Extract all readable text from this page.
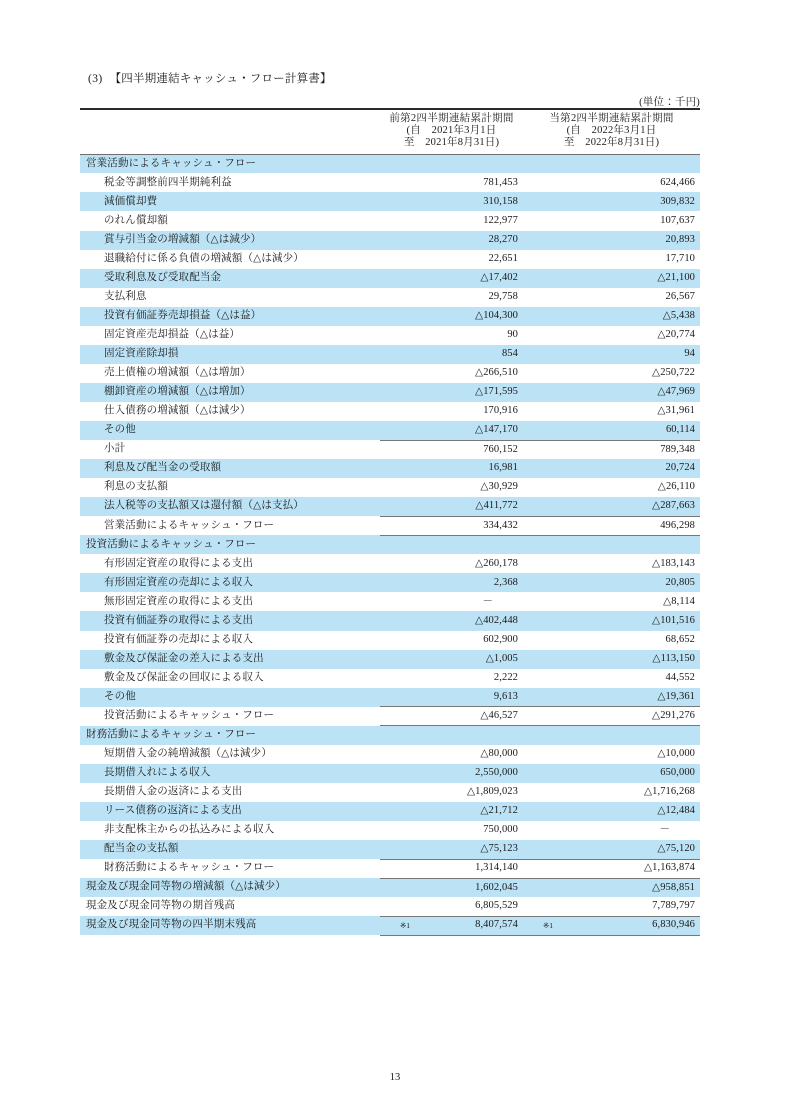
(3) 【四半期連結キャッシュ・フロー計算書】
(単位：千円)

	前第2四半期連結累計期間
(自　2021年3月1日
至　2021年8月31日)		当第2四半期連結累計期間
(自　2022年3月1日
至　2022年8月31日)	

営業活動によるキャッシュ・フロー				
税金等調整前四半期純利益		781,453		624,466
減価償却費		310,158		309,832
のれん償却額		122,977		107,637
賞与引当金の増減額（△は減少）		28,270		20,893
退職給付に係る負債の増減額（△は減少）		22,651		17,710
受取利息及び受取配当金		△17,402		△21,100
支払利息		29,758		26,567
投資有価証券売却損益（△は益）		△104,300		△5,438
固定資産売却損益（△は益）		90		△20,774
固定資産除却損		854		94
売上債権の増減額（△は増加）		△266,510		△250,722
棚卸資産の増減額（△は増加）		△171,595		△47,969
仕入債務の増減額（△は減少）		170,916		△31,961
その他		△147,170		60,114
小計		760,152		789,348
利息及び配当金の受取額		16,981		20,724
利息の支払額		△30,929		△26,110
法人税等の支払額又は還付額（△は支払）		△411,772		△287,663
営業活動によるキャッシュ・フロー		334,432		496,298
投資活動によるキャッシュ・フロー				
有形固定資産の取得による支出		△260,178		△183,143
有形固定資産の売却による収入		2,368		20,805
無形固定資産の取得による支出		－		△8,114
投資有価証券の取得による支出		△402,448		△101,516
投資有価証券の売却による収入		602,900		68,652
敷金及び保証金の差入による支出		△1,005		△113,150
敷金及び保証金の回収による収入		2,222		44,552
その他		9,613		△19,361
投資活動によるキャッシュ・フロー		△46,527		△291,276
財務活動によるキャッシュ・フロー				
短期借入金の純増減額（△は減少）		△80,000		△10,000
長期借入れによる収入		2,550,000		650,000
長期借入金の返済による支出		△1,809,023		△1,716,268
リース債務の返済による支出		△21,712		△12,484
非支配株主からの払込みによる収入		750,000		－
配当金の支払額		△75,123		△75,120
財務活動によるキャッシュ・フロー		1,314,140		△1,163,874
現金及び現金同等物の増減額（△は減少）		1,602,045		△958,851
現金及び現金同等物の期首残高		6,805,529		7,789,797
現金及び現金同等物の四半期末残高	※1	8,407,574	※1	6,830,946
13
